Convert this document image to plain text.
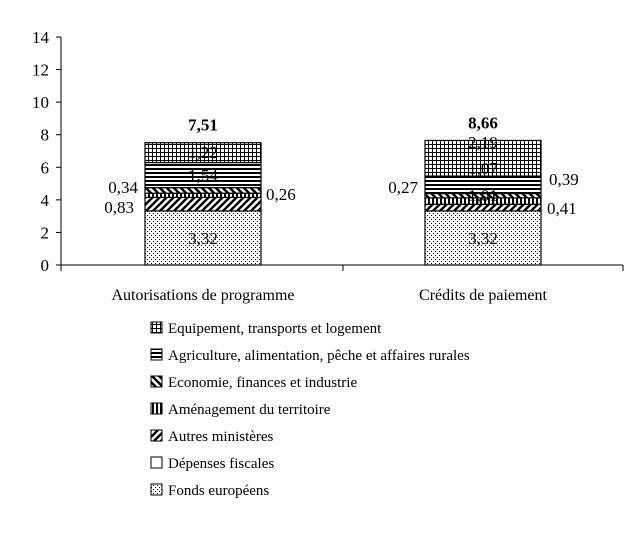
0
2
4
6
8
10
12
14
Autorisations de programme	Crédits de paiement
7,51	8,66
3,32
0,83
0,26
0,34
1,54
1,22
3,32
0,41
1,01
0,27	0,39
1,07
2,19
Equipement, transports et logement
Agriculture, alimentation, pêche et affaires rurales
Economie, finances et industrie
Aménagement du territoire
Autres ministères
Dépenses fiscales
Fonds européens
